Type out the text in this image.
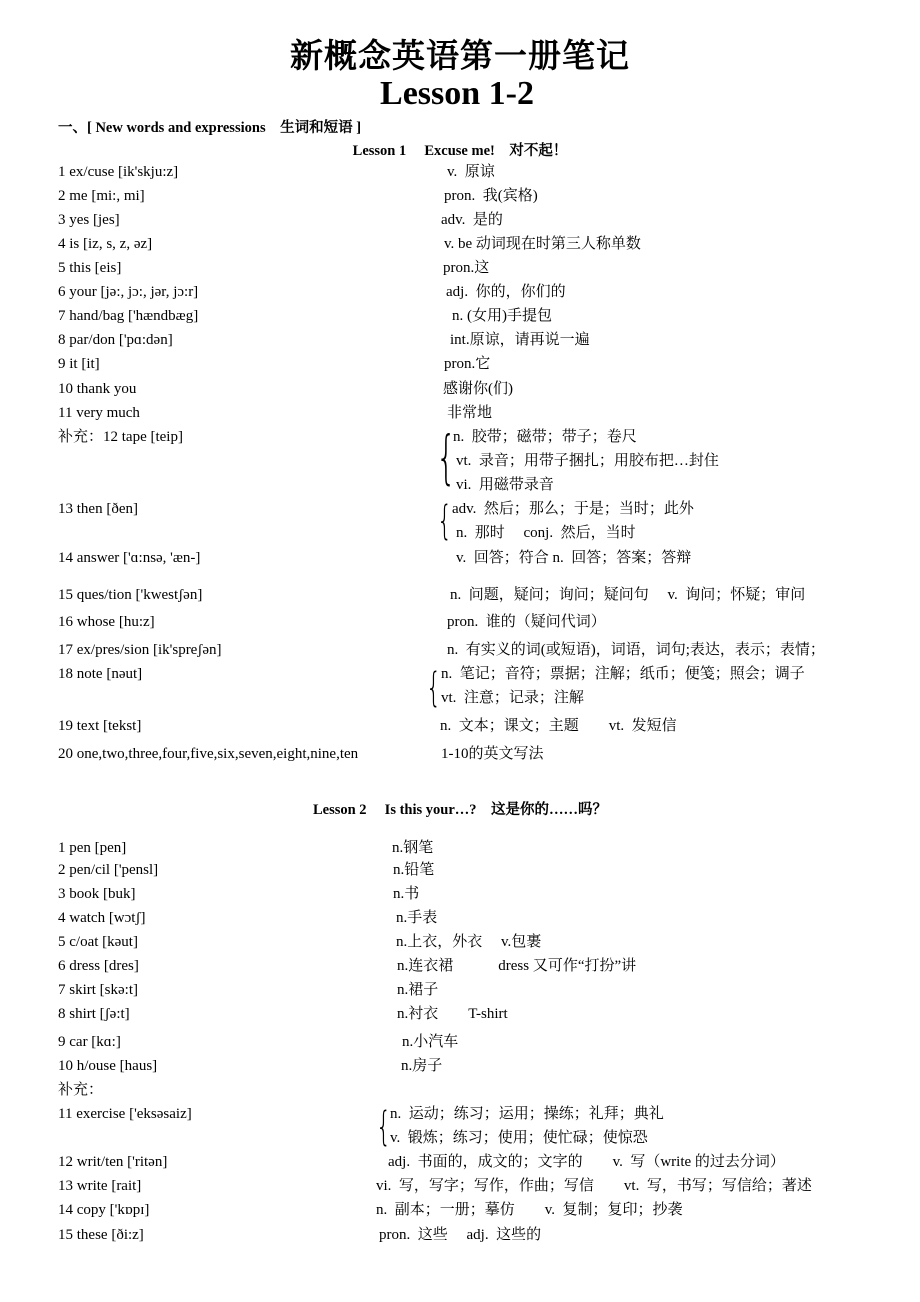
新概念英语第一册笔记
Lesson 1-2
一、[ New words and expressions　生词和短语 ]
Lesson 1　 Excuse me!　对不起！
1 ex/cuse [ik'skju:z]	v.  原谅
2 me [mi:, mi]	pron.  我(宾格)
3 yes [jes]	adv.  是的
4 is [iz, s, z, əz]	v. be 动词现在时第三人称单数
5 this [eis]	pron.这
6 your [jə:, jɔ:, jər, jɔ:r]	adj.  你的，你们的
7 hand/bag ['hændbæg]	n. (女用)手提包
8 par/don ['pɑ:dən]	int.原谅，请再说一遍
9 it [it]	pron.它
10 thank you	感谢你(们)
11 very much	非常地
补充：12 tape [teip]	{
n.  胶带；磁带；带子；卷尺
vt.  录音；用带子捆扎；用胶布把…封住
vi.  用磁带录音
13 then [ðen]	{ adv.  然后；那么；于是；当时；此外
n.  那时　 conj.  然后，当时
14 answer ['ɑ:nsə, 'æn-]	v.  回答；符合 n.  回答；答案；答辩
15 ques/tion ['kwestʃən]	n.  问题，疑问；询问；疑问句　 v.  询问；怀疑；审问
16 whose [hu:z]	pron.  谁的（疑问代词）
17 ex/pres/sion [ik'spreʃən]	n.  有实义的词(或短语)，词语，词句;表达，表示；表情；
18 note [nəut]	{ n.  笔记；音符；票据；注解；纸币；便笺；照会；调子
vt.  注意；记录；注解
19 text [tekst]	n.  文本；课文；主题　　vt.  发短信
20 one,two,three,four,five,six,seven,eight,nine,ten	1-10的英文写法
Lesson 2　 Is this your…?　这是你的……吗？
1 pen [pen]	n.钢笔
2 pen/cil ['pensl]	n.铅笔
3 book [buk]	n.书
4 watch [wɔtʃ]	n.手表
5 c/oat [kəut]	n.上衣，外衣　 v.包裹
6 dress [dres]	n.连衣裙　　　dress 又可作“打扮”讲
7 skirt [skə:t]	n.裙子
8 shirt [ʃə:t]	n.衬衣　　T-shirt
9 car [kɑ:]	n.小汽车
10 h/ouse [haus]	n.房子
补充：
11 exercise ['eksəsaiz]	{
n.  运动；练习；运用；操练；礼拜；典礼
v.  锻炼；练习；使用；使忙碌；使惊恐
12 writ/ten ['ritən]	adj.  书面的，成文的；文字的　　v.  写（write 的过去分词）
13 write [rait]	vi.  写，写字；写作，作曲；写信　　vt.  写，书写；写信给；著述
14 copy ['kɒpɪ]	n.  副本；一册；摹仿　　v.  复制；复印；抄袭
15 these [ði:z]	pron.  这些　 adj.  这些的
